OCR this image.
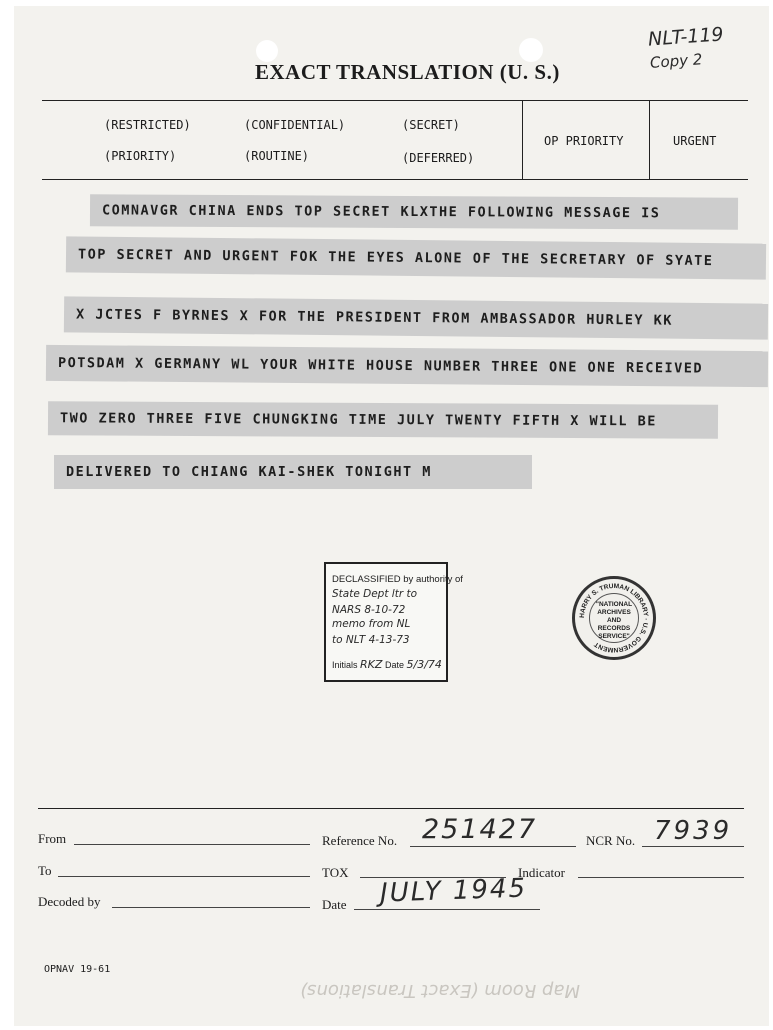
NLT-119
Copy 2
EXACT TRANSLATION (U. S.)
(RESTRICTED)	(CONFIDENTIAL)	(SECRET)
(PRIORITY)	(ROUTINE)	(DEFERRED)
OP PRIORITY	URGENT
COMNAVGR CHINA ENDS TOP SECRET KLXTHE FOLLOWING MESSAGE IS
TOP SECRET AND URGENT FOK THE EYES ALONE OF THE SECRETARY OF SYATE
X JCTES F BYRNES X FOR THE PRESIDENT FROM AMBASSADOR HURLEY KK
POTSDAM X GERMANY WL YOUR WHITE HOUSE NUMBER THREE ONE ONE RECEIVED
TWO ZERO THREE FIVE CHUNGKING TIME JULY TWENTY FIFTH X WILL BE
DELIVERED TO CHIANG KAI-SHEK TONIGHT M
DECLASSIFIED by authority of
State Dept ltr to
NARS 8-10-72
memo from NL
to NLT 4-13-73
Initials RKZ Date 5/3/74
HARRY S. TRUMAN LIBRARY · U.S. GOVERNMENT
"NATIONAL ARCHIVES AND RECORDS SERVICE"
From	Reference No. 251427	NCR No. 7939
To	TOX	Indicator
Decoded by	Date JULY 1945
OPNAV 19-61
Map Room (Exact Translations)
